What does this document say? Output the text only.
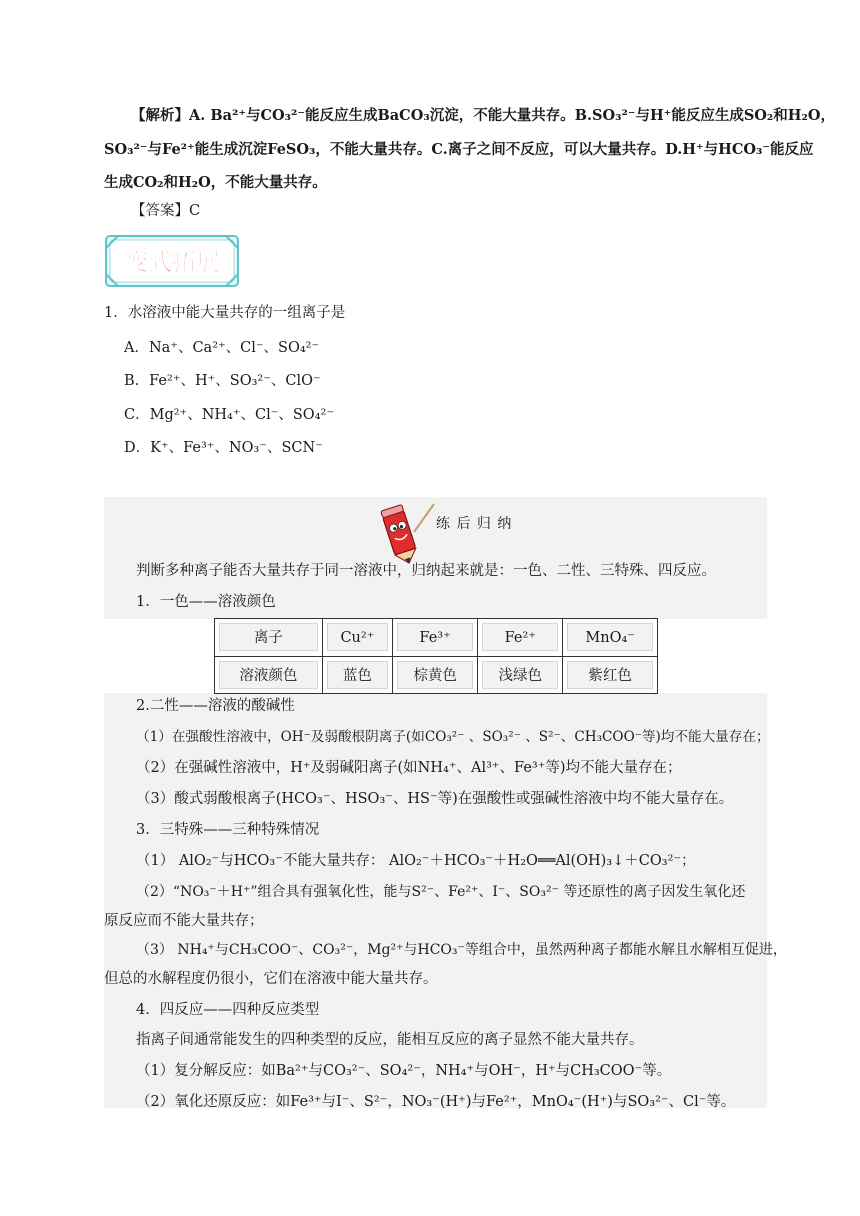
【解析】A. Ba²⁺与CO₃²⁻能反应生成BaCO₃沉淀，不能大量共存。B.SO₃²⁻与H⁺能反应生成SO₂和H₂O，
SO₃²⁻与Fe²⁺能生成沉淀FeSO₃，不能大量共存。C.离子之间不反应，可以大量共存。D.H⁺与HCO₃⁻能反应
生成CO₂和H₂O，不能大量共存。
【答案】C
变式拓展
1．水溶液中能大量共存的一组离子是
A．Na⁺、Ca²⁺、Cl⁻、SO₄²⁻
B．Fe²⁺、H⁺、SO₃²⁻、ClO⁻
C．Mg²⁺、NH₄⁺、Cl⁻、SO₄²⁻
D．K⁺、Fe³⁺、NO₃⁻、SCN⁻
练 后 归 纳
判断多种离子能否大量共存于同一溶液中，归纳起来就是：一色、二性、三特殊、四反应。
1．一色——溶液颜色
离子	Cu²⁺	Fe³⁺	Fe²⁺	MnO₄⁻

溶液颜色	蓝色	棕黄色	浅绿色	紫红色
2.二性——溶液的酸碱性
（1）在强酸性溶液中，OH⁻及弱酸根阴离子(如CO₃²⁻ 、SO₃²⁻ 、S²⁻、CH₃COO⁻等)均不能大量存在；
（2）在强碱性溶液中，H⁺及弱碱阳离子(如NH₄⁺、Al³⁺、Fe³⁺等)均不能大量存在；
（3）酸式弱酸根离子(HCO₃⁻、HSO₃⁻、HS⁻等)在强酸性或强碱性溶液中均不能大量存在。
3．三特殊——三种特殊情况
（1） AlO₂⁻与HCO₃⁻不能大量共存： AlO₂⁻＋HCO₃⁻＋H₂O══Al(OH)₃↓＋CO₃²⁻；
（2）“NO₃⁻＋H⁺”组合具有强氧化性，能与S²⁻、Fe²⁺、I⁻、SO₃²⁻ 等还原性的离子因发生氧化还
原反应而不能大量共存；
（3） NH₄⁺与CH₃COO⁻、CO₃²⁻，Mg²⁺与HCO₃⁻等组合中，虽然两种离子都能水解且水解相互促进，
但总的水解程度仍很小，它们在溶液中能大量共存。
4．四反应——四种反应类型
指离子间通常能发生的四种类型的反应，能相互反应的离子显然不能大量共存。
（1）复分解反应：如Ba²⁺与CO₃²⁻、SO₄²⁻，NH₄⁺与OH⁻，H⁺与CH₃COO⁻等。
（2）氧化还原反应：如Fe³⁺与I⁻、S²⁻，NO₃⁻(H⁺)与Fe²⁺，MnO₄⁻(H⁺)与SO₃²⁻、Cl⁻等。
